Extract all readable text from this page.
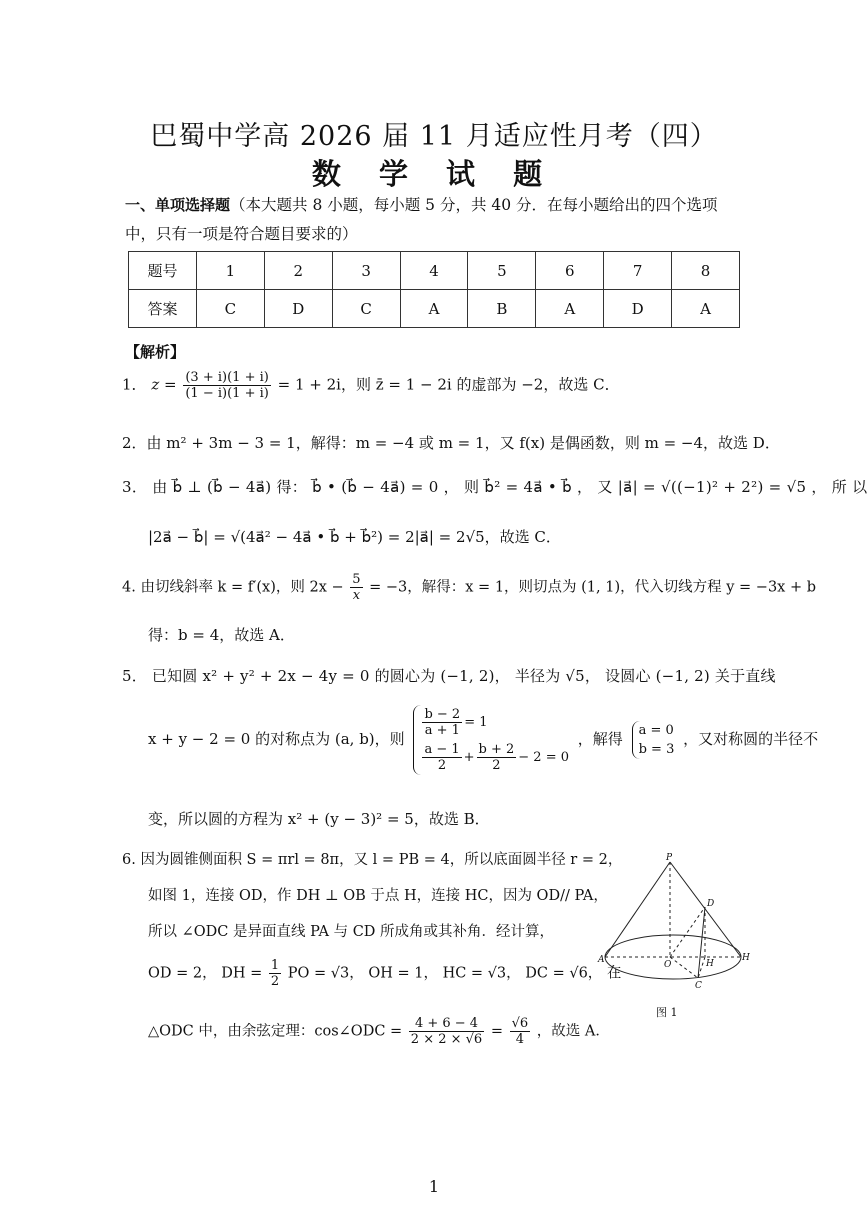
巴蜀中学高 2026 届 11 月适应性月考（四）
数 学 试 题
一、单项选择题（本大题共 8 小题，每小题 5 分，共 40 分．在每小题给出的四个选项中，只有一项是符合题目要求的）
题号	1	2	3	4	5	6	7	8
答案	C	D	C	A	B	A	D	A
【解析】
1． $z = \frac{(3 + i)(1 + i)}{(1 - i)(1 + i)} = 1 + 2i$，则 z̄ = 1 − 2i 的虚部为 −2，故选 C．
2．由 m² + 3m − 3 = 1，解得：m = −4 或 m = 1，又 f(x) 是偶函数，则 m = −4，故选 D．
3． 由 b⃗ ⊥ (b⃗ − 4a⃗) 得： b⃗ • (b⃗ − 4a⃗) = 0 ， 则 b⃗² = 4a⃗ • b⃗ ， 又 |a⃗| = √((−1)² + 2²) = √5 ， 所 以
|2a⃗ − b⃗| = √(4a⃗² − 4a⃗ • b⃗ + b⃗²) = 2|a⃗| = 2√5，故选 C．
4. 由切线斜率 k = f′(x)，则 $2x - \frac{5}{x} = -3$，解得：x = 1，则切点为 (1, 1)，代入切线方程 y = −3x + b
得：b = 4，故选 A．
5． 已知圆 x² + y² + 2x − 4y = 0 的圆心为 (−1, 2)， 半径为 √5， 设圆心 (−1, 2) 关于直线
x + y − 2 = 0 的对称点为 (a, b)，则
$\frac{b - 2}{a + 1} = 1$
$\frac{a - 1}{2} + \frac{b + 2}{2} - 2 = 0$
，解得 a = 0
b = 3
，又对称圆的半径不
变，所以圆的方程为 x² + (y − 3)² = 5，故选 B．
6. 因为圆锥侧面积 S = πrl = 8π，又 l = PB = 4，所以底面圆半径 r = 2，
如图 1，连接 OD，作 DH ⊥ OB 于点 H，连接 HC，因为 OD// PA，
所以 ∠ODC 是异面直线 PA 与 CD 所成角或其补角．经计算，
OD = 2， DH = $\frac{1}{2}$ PO = √3， OH = 1， HC = √3， DC = √6， 在
△ODC 中，由余弦定理：cos∠ODC = $\frac{4 + 6 - 4}{2 \times 2 \times √6} = \frac{√6}{4}$ ，故选 A．
P
D
A	O	H
H
C
图 1
1
